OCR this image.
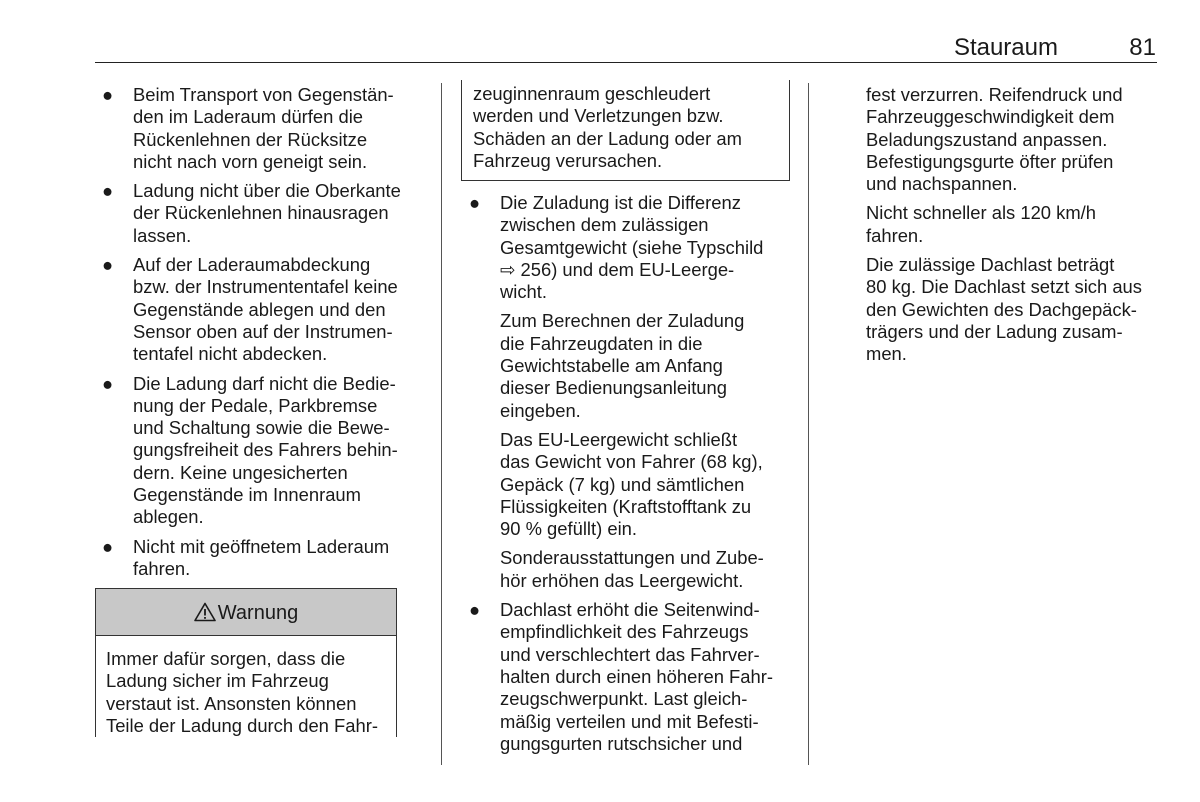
Stauraum	81
● Beim Transport von Gegenstän-
den im Laderaum dürfen die
Rückenlehnen der Rücksitze
nicht nach vorn geneigt sein.
● Ladung nicht über die Oberkante
der Rückenlehnen hinausragen
lassen.
● Auf der Laderaumabdeckung
bzw. der Instrumententafel keine
Gegenstände ablegen und den
Sensor oben auf der Instrumen-
tentafel nicht abdecken.
● Die Ladung darf nicht die Bedie-
nung der Pedale, Parkbremse
und Schaltung sowie die Bewe-
gungsfreiheit des Fahrers behin-
dern. Keine ungesicherten
Gegenstände im Innenraum
ablegen.
● Nicht mit geöffnetem Laderaum
fahren.
Warnung
Immer dafür sorgen, dass die
Ladung sicher im Fahrzeug
verstaut ist. Ansonsten können
Teile der Ladung durch den Fahr-
zeuginnenraum geschleudert
werden und Verletzungen bzw.
Schäden an der Ladung oder am
Fahrzeug verursachen.
● Die Zuladung ist die Differenz
zwischen dem zulässigen
Gesamtgewicht (siehe Typschild
⇨ 256) und dem EU-Leerge-
wicht.
Zum Berechnen der Zuladung
die Fahrzeugdaten in die
Gewichtstabelle am Anfang
dieser Bedienungsanleitung
eingeben.
Das EU-Leergewicht schließt
das Gewicht von Fahrer (68 kg),
Gepäck (7 kg) und sämtlichen
Flüssigkeiten (Kraftstofftank zu
90 % gefüllt) ein.
Sonderausstattungen und Zube-
hör erhöhen das Leergewicht.
● Dachlast erhöht die Seitenwind-
empfindlichkeit des Fahrzeugs
und verschlechtert das Fahrver-
halten durch einen höheren Fahr-
zeugschwerpunkt. Last gleich-
mäßig verteilen und mit Befesti-
gungsgurten rutschsicher und
fest verzurren. Reifendruck und
Fahrzeuggeschwindigkeit dem
Beladungszustand anpassen.
Befestigungsgurte öfter prüfen
und nachspannen.
Nicht schneller als 120 km/h
fahren.
Die zulässige Dachlast beträgt
80 kg. Die Dachlast setzt sich aus
den Gewichten des Dachgepäck-
trägers und der Ladung zusam-
men.
